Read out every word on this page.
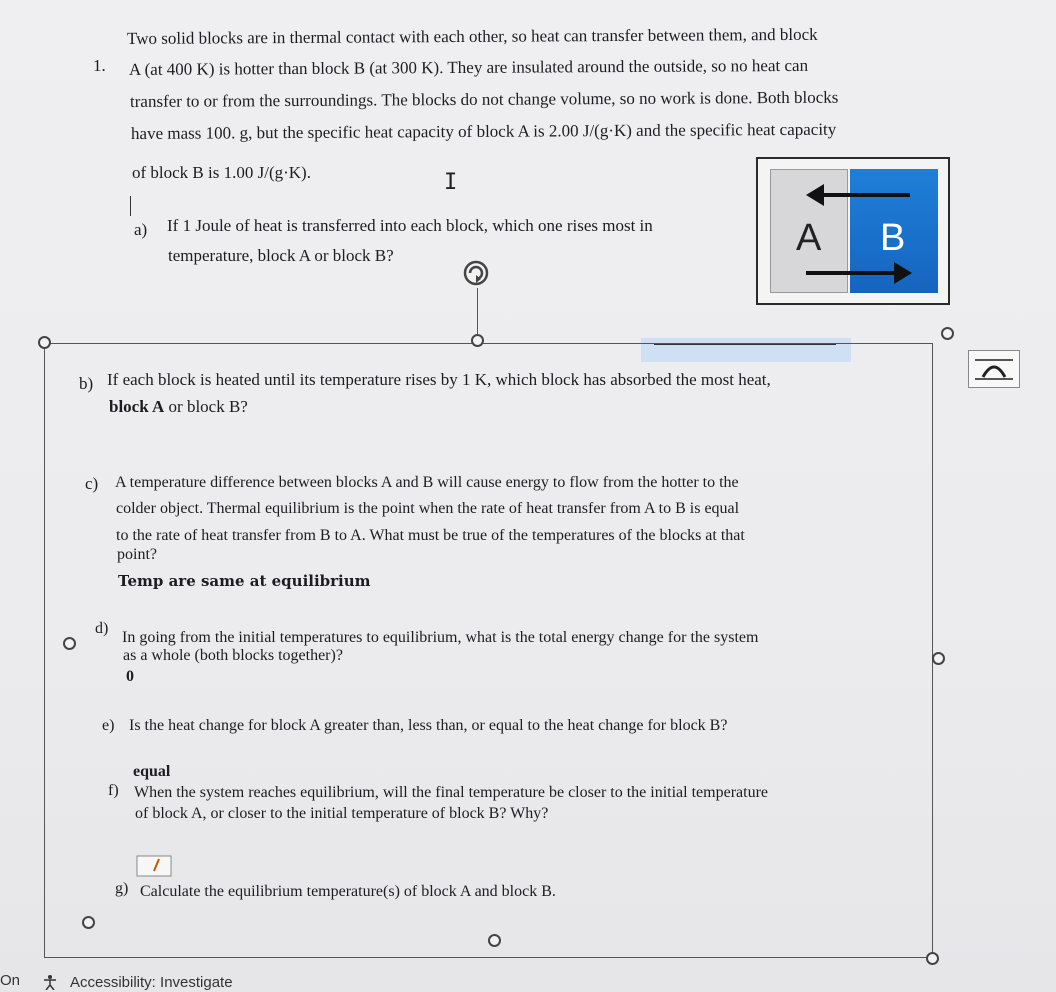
1.
Two solid blocks are in thermal contact with each other, so heat can transfer between them, and block
A (at 400 K) is hotter than block B (at 300 K). They are insulated around the outside, so no heat can
transfer to or from the surroundings. The blocks do not change volume, so no work is done. Both blocks
have mass 100. g, but the specific heat capacity of block A is 2.00 J/(g·K) and the specific heat capacity
of block B is 1.00 J/(g·K).	I
a) If 1 Joule of heat is transferred into each block, which one rises most in
temperature, block A or block B?	A B
b) If each block is heated until its temperature rises by 1 K, which block has absorbed the most heat,
block A or block B?
c) A temperature difference between blocks A and B will cause energy to flow from the hotter to the
colder object. Thermal equilibrium is the point when the rate of heat transfer from A to B is equal
to the rate of heat transfer from B to A. What must be true of the temperatures of the blocks at that
point?
Temp are same at equilibrium
d)
In going from the initial temperatures to equilibrium, what is the total energy change for the system
as a whole (both blocks together)?
0
e) Is the heat change for block A greater than, less than, or equal to the heat change for block B?
equal
f) When the system reaches equilibrium, will the final temperature be closer to the initial temperature
of block A, or closer to the initial temperature of block B? Why?
g) Calculate the equilibrium temperature(s) of block A and block B.
On	Accessibility: Investigate
